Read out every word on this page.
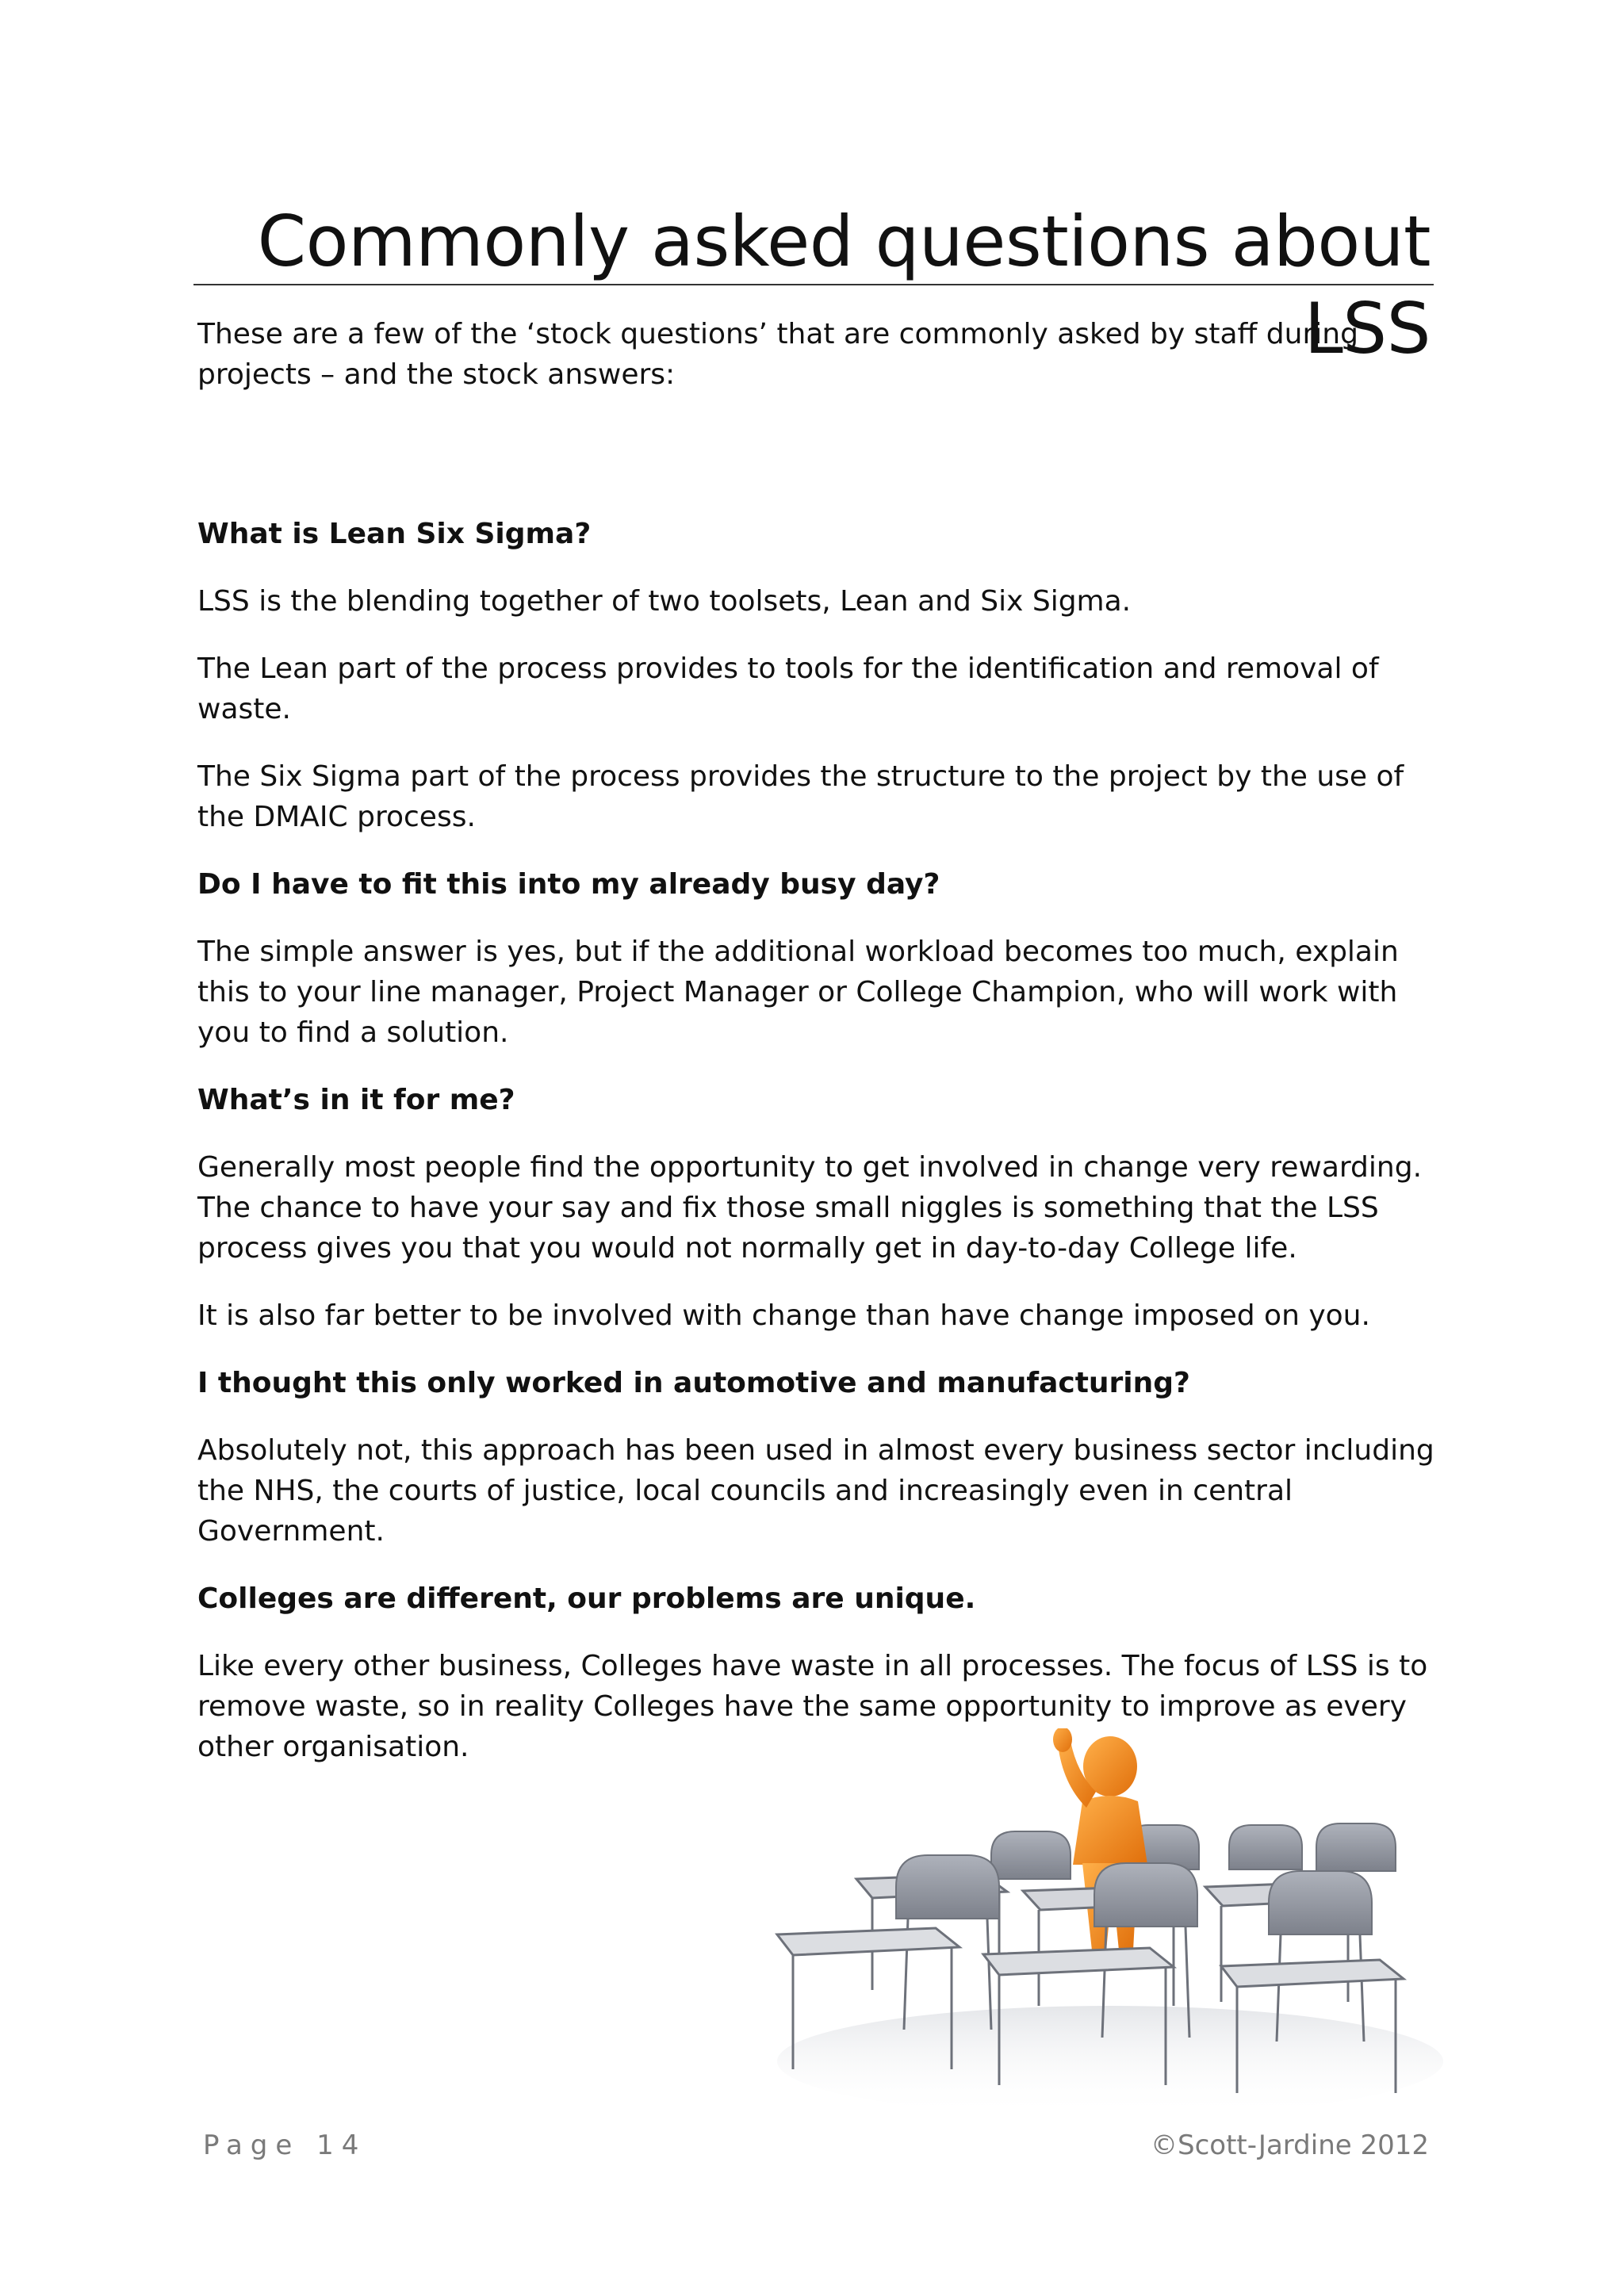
Commonly asked questions about LSS

These are a few of the ‘stock questions’ that are commonly asked by staff during projects – and the stock answers:

What is Lean Six Sigma?

LSS is the blending together of two toolsets, Lean and Six Sigma.

The Lean part of the process provides to tools for the identification and removal of waste.

The Six Sigma part of the process provides the structure to the project by the use of the DMAIC process.

Do I have to fit this into my already busy day?

The simple answer is yes, but if the additional workload becomes too much, explain this to your line manager, Project Manager or College Champion, who will work with you to find a solution.

What’s in it for me?

Generally most people find the opportunity to get involved in change very rewarding. The chance to have your say and fix those small niggles is something that the LSS process gives you that you would not normally get in day-to-day College life.

It is also far better to be involved with change than have change imposed on you.

I thought this only worked in automotive and manufacturing?

Absolutely not, this approach has been used in almost every business sector including the NHS, the courts of justice, local councils and increasingly even in central Government.

Colleges are different, our problems are unique.

Like every other business, Colleges have waste in all processes. The focus of LSS is to remove waste, so in reality Colleges have the same opportunity to improve as every other organisation.

Page 14	©Scott-Jardine 2012
